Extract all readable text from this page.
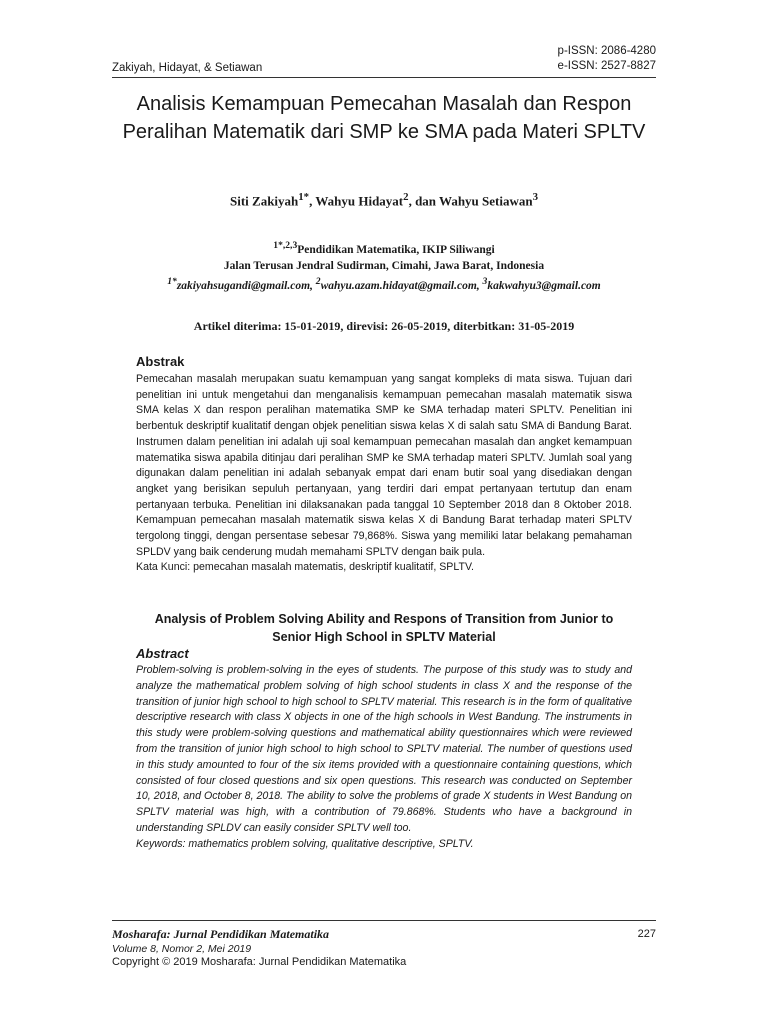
Zakiyah, Hidayat, & Setiawan
p-ISSN: 2086-4280
e-ISSN: 2527-8827
Analisis Kemampuan Pemecahan Masalah dan Respon
Peralihan Matematik dari SMP ke SMA pada Materi SPLTV
Siti Zakiyah$^{1*}$, Wahyu Hidayat$^2$, dan Wahyu Setiawan$^3$
$^{1*,2,3}$Pendidikan Matematika, IKIP Siliwangi
Jalan Terusan Jendral Sudirman, Cimahi, Jawa Barat, Indonesia
$^{1*}$zakiyahsugandi@gmail.com, $^2$wahyu.azam.hidayat@gmail.com, $^3$kakwahyu3@gmail.com
Artikel diterima: 15-01-2019, direvisi: 26-05-2019, diterbitkan: 31-05-2019
Abstrak
Pemecahan masalah merupakan suatu kemampuan yang sangat kompleks di mata siswa. Tujuan dari penelitian ini untuk mengetahui dan menganalisis kemampuan pemecahan masalah matematik siswa SMA kelas X dan respon peralihan matematika SMP ke SMA terhadap materi SPLTV. Penelitian ini berbentuk deskriptif kualitatif dengan objek penelitian siswa kelas X di salah satu SMA di Bandung Barat. Instrumen dalam penelitian ini adalah uji soal kemampuan pemecahan masalah dan angket kemampuan matematika siswa apabila ditinjau dari peralihan SMP ke SMA terhadap materi SPLTV. Jumlah soal yang digunakan dalam penelitian ini adalah sebanyak empat dari enam butir soal yang disediakan dengan angket yang berisikan sepuluh pertanyaan, yang terdiri dari empat pertanyaan tertutup dan enam pertanyaan terbuka. Penelitian ini dilaksanakan pada tanggal 10 September 2018 dan 8 Oktober 2018. Kemampuan pemecahan masalah matematik siswa kelas X di Bandung Barat terhadap materi SPLTV tergolong tinggi, dengan persentase sebesar 79,868%. Siswa yang memiliki latar belakang pemahaman SPLDV yang baik cenderung mudah memahami SPLTV dengan baik pula.
Kata Kunci: pemecahan masalah matematis, deskriptif kualitatif, SPLTV.
Analysis of Problem Solving Ability and Respons of Transition from Junior to
Senior High School in SPLTV Material
Abstract
Problem-solving is problem-solving in the eyes of students. The purpose of this study was to study and analyze the mathematical problem solving of high school students in class X and the response of the transition of junior high school to high school to SPLTV material. This research is in the form of qualitative descriptive research with class X objects in one of the high schools in West Bandung. The instruments in this study were problem-solving questions and mathematical ability questionnaires which were reviewed from the transition of junior high school to high school to SPLTV material. The number of questions used in this study amounted to four of the six items provided with a questionnaire containing questions, which consisted of four closed questions and six open questions. This research was conducted on September 10, 2018, and October 8, 2018. The ability to solve the problems of grade X students in West Bandung on SPLTV material was high, with a contribution of 79.868%. Students who have a background in understanding SPLDV can easily consider SPLTV well too.
Keywords: mathematics problem solving, qualitative descriptive, SPLTV.
Mosharafa: Jurnal Pendidikan Matematika	227
Volume 8, Nomor 2, Mei 2019
Copyright © 2019 Mosharafa: Jurnal Pendidikan Matematika
